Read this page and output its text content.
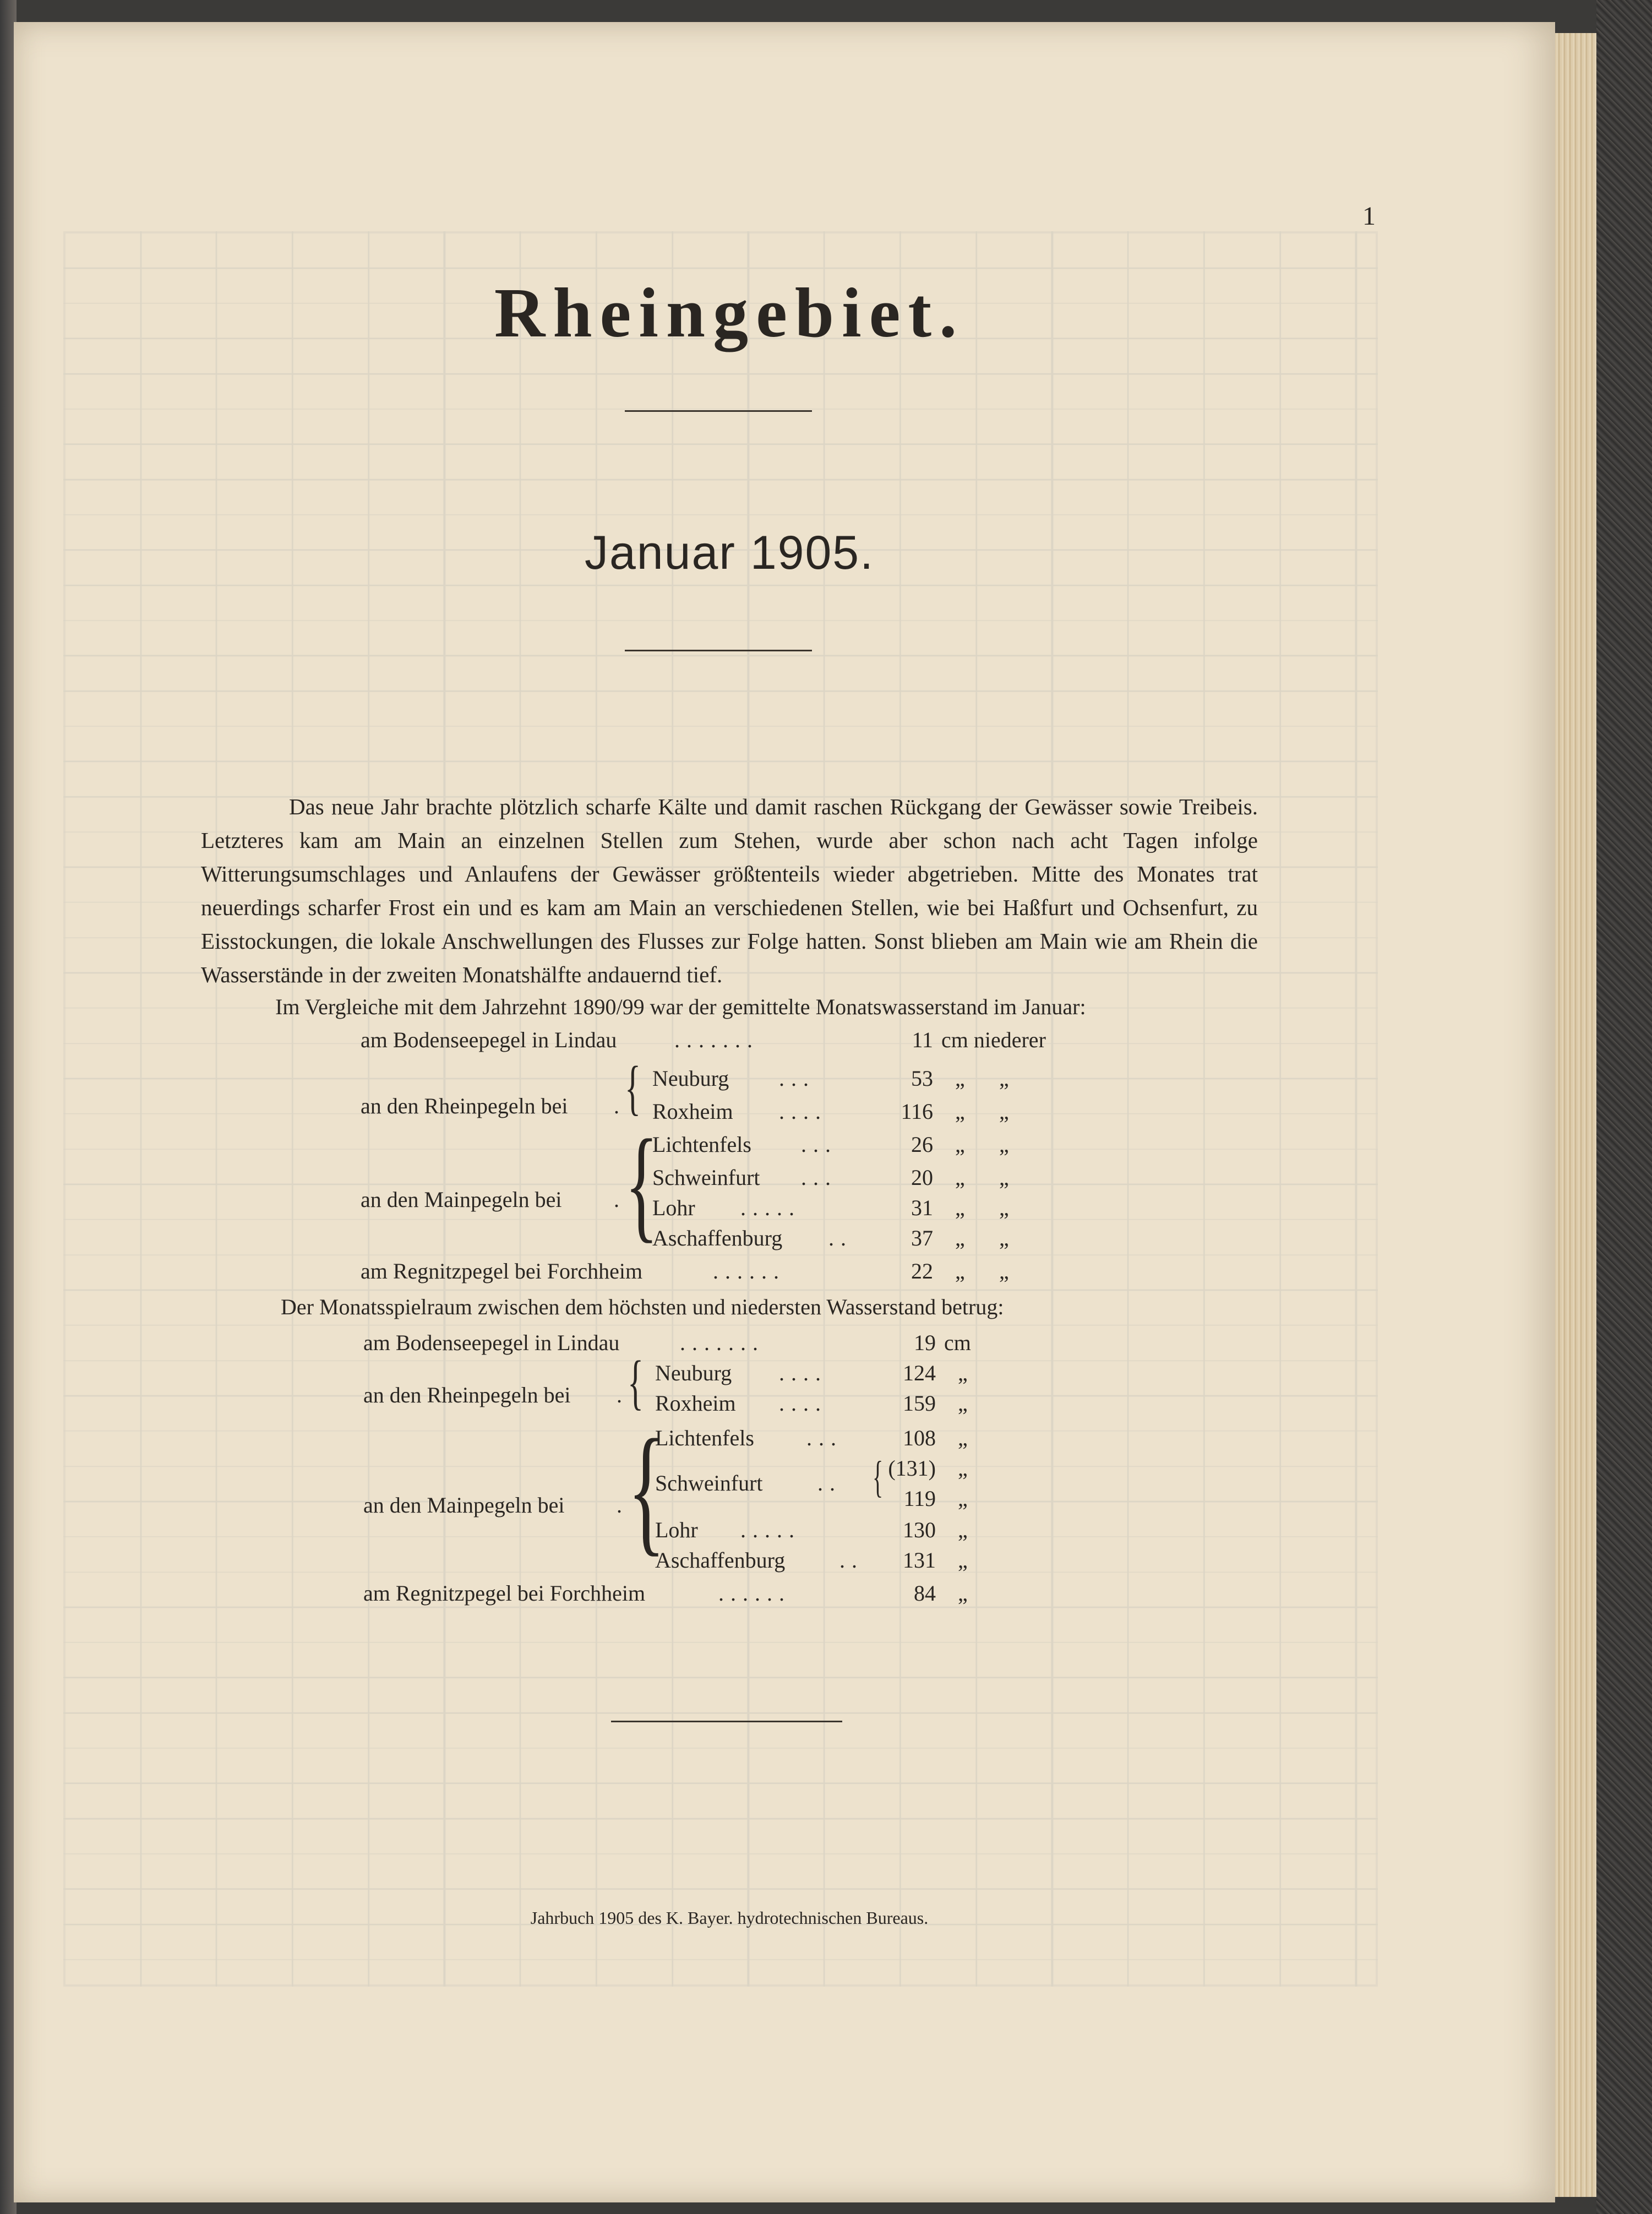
1
Rheingebiet.
Januar 1905.

Das neue Jahr brachte plötzlich scharfe Kälte und damit raschen Rückgang der Gewässer sowie Treibeis. Letzteres kam am Main an einzelnen Stellen zum Stehen, wurde aber schon nach acht Tagen infolge Witterungsumschlages und Anlaufens der Gewässer größtenteils wieder abgetrieben. Mitte des Monates trat neuerdings scharfer Frost ein und es kam am Main an verschiedenen Stellen, wie bei Haßfurt und Ochsenfurt, zu Eisstockungen, die lokale Anschwellungen des Flusses zur Folge hatten. Sonst blieben am Main wie am Rhein die Wasserstände in der zweiten Monatshälfte andauernd tief.

Im Vergleiche mit dem Jahrzehnt 1890/99 war der gemittelte Monatswasserstand im Januar:
am Bodenseepegel in Lindau	.......	11 cm niederer
an den Rheinpegeln bei . { Neuburg ...	53 „ „
Roxheim ....	116 „ „
an den Mainpegeln bei . {
Lichtenfels ...	26 „ „
Schweinfurt ...	20 „ „
Lohr .....	31 „ „
Aschaffenburg ..	37 „ „
am Regnitzpegel bei Forchheim	......	22 „ „
Der Monatsspielraum zwischen dem höchsten und niedersten Wasserstand betrug:
am Bodenseepegel in Lindau	.......	19 cm
an den Rheinpegeln bei . { Neuburg ....	124 „
Roxheim ....	159 „
an den Mainpegeln bei . {
Lichtenfels ...	108 „
Schweinfurt .. { (131) „
119 „
Lohr .....	130 „
Aschaffenburg ..	131 „
am Regnitzpegel bei Forchheim	......	84 „
Jahrbuch 1905 des K. Bayer. hydrotechnischen Bureaus.
